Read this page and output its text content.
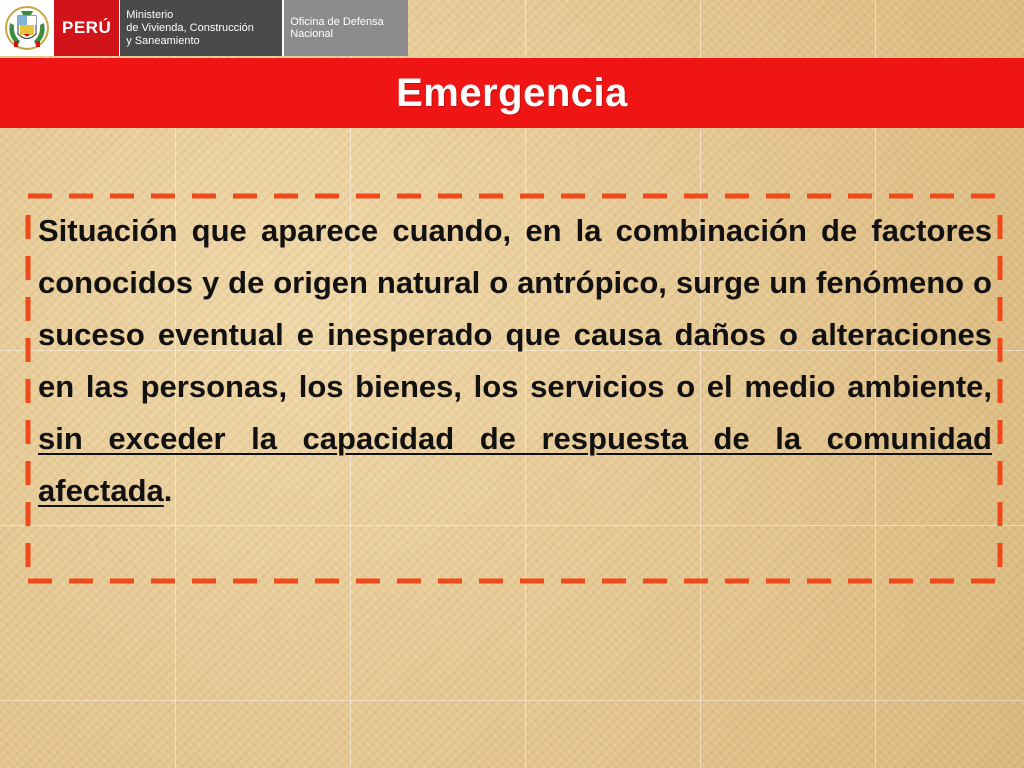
PERÚ
Ministerio
de Vivienda, Construcción
y Saneamiento
Oficina de Defensa Nacional
Emergencia
Situación que aparece cuando, en la combinación de factores conocidos y de origen natural o antrópico, surge un fenómeno o suceso eventual e inesperado que causa daños o alteraciones en las personas, los bienes, los servicios o el medio ambiente, sin exceder la capacidad de respuesta de la comunidad afectada.
